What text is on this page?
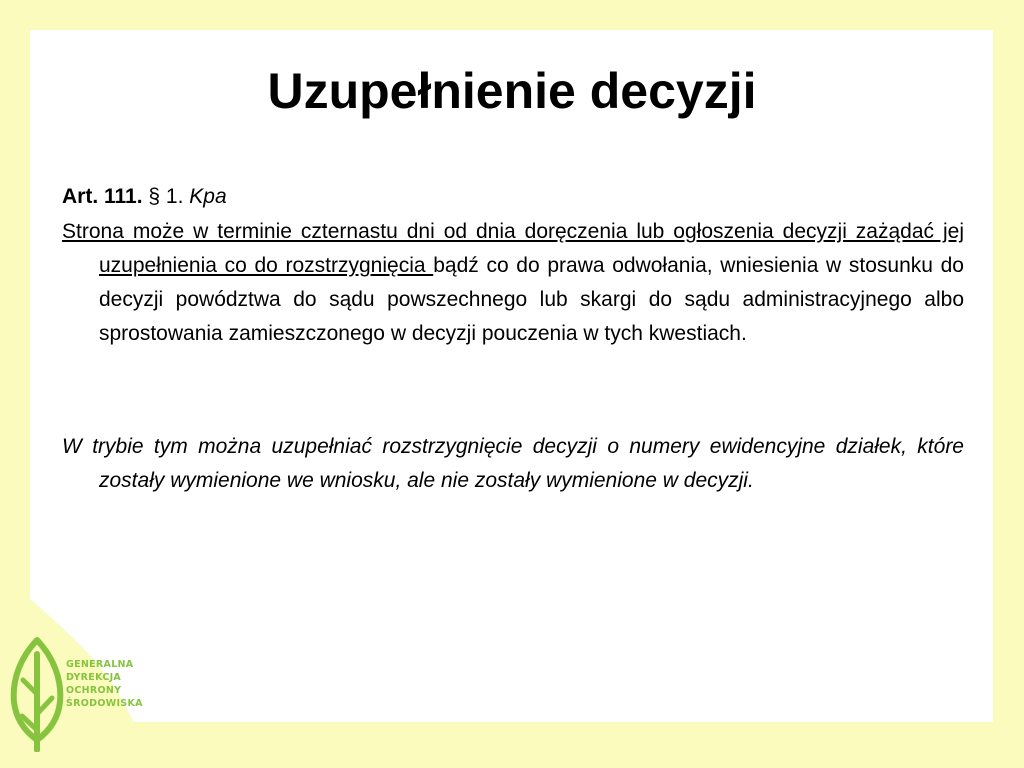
Uzupełnienie decyzji

Art. 111. § 1. Kpa

Strona może w terminie czternastu dni od dnia doręczenia lub ogłoszenia decyzji zażądać jej uzupełnienia co do rozstrzygnięcia bądź co do prawa odwołania, wniesienia w stosunku do decyzji powództwa do sądu powszechnego lub skargi do sądu administracyjnego albo sprostowania zamieszczonego w decyzji pouczenia w tych kwestiach.

W trybie tym można uzupełniać rozstrzygnięcie decyzji o numery ewidencyjne działek, które zostały wymienione we wniosku, ale nie zostały wymienione w decyzji.

GENERALNA
DYREKCJA
OCHRONY
ŚRODOWISKA
